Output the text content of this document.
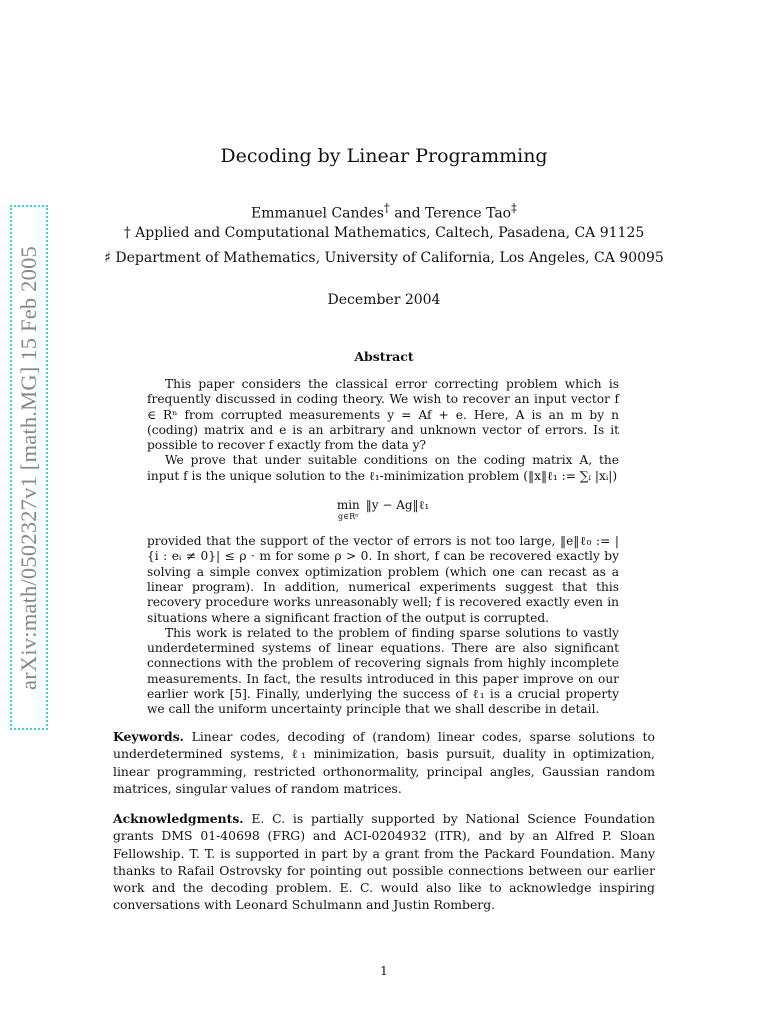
arXiv:math/0502327v1 [math.MG] 15 Feb 2005
Decoding by Linear Programming
Emmanuel Candes† and Terence Tao‡
† Applied and Computational Mathematics, Caltech, Pasadena, CA 91125
♯ Department of Mathematics, University of California, Los Angeles, CA 90095
December 2004
Abstract

This paper considers the classical error correcting problem which is frequently discussed in coding theory. We wish to recover an input vector f ∈ Rⁿ from corrupted measurements y = Af + e. Here, A is an m by n (coding) matrix and e is an arbitrary and unknown vector of errors. Is it possible to recover f exactly from the data y?

We prove that under suitable conditions on the coding matrix A, the input f is the unique solution to the ℓ₁-minimization problem (‖x‖ℓ₁ := ∑ᵢ |xᵢ|)

min
g∈Rⁿ
‖y − Ag‖ℓ₁

provided that the support of the vector of errors is not too large, ‖e‖ℓ₀ := |{i : eᵢ ≠ 0}| ≤ ρ · m for some ρ > 0. In short, f can be recovered exactly by solving a simple convex optimization problem (which one can recast as a linear program). In addition, numerical experiments suggest that this recovery procedure works unreasonably well; f is recovered exactly even in situations where a significant fraction of the output is corrupted.

This work is related to the problem of finding sparse solutions to vastly underdetermined systems of linear equations. There are also significant connections with the problem of recovering signals from highly incomplete measurements. In fact, the results introduced in this paper improve on our earlier work [5]. Finally, underlying the success of ℓ₁ is a crucial property we call the uniform uncertainty principle that we shall describe in detail.

Keywords. Linear codes, decoding of (random) linear codes, sparse solutions to underdetermined systems, ℓ₁ minimization, basis pursuit, duality in optimization, linear programming, restricted orthonormality, principal angles, Gaussian random matrices, singular values of random matrices.
Acknowledgments. E. C. is partially supported by National Science Foundation grants DMS 01-40698 (FRG) and ACI-0204932 (ITR), and by an Alfred P. Sloan Fellowship. T. T. is supported in part by a grant from the Packard Foundation. Many thanks to Rafail Ostrovsky for pointing out possible connections between our earlier work and the decoding problem. E. C. would also like to acknowledge inspiring conversations with Leonard Schulmann and Justin Romberg.
1
